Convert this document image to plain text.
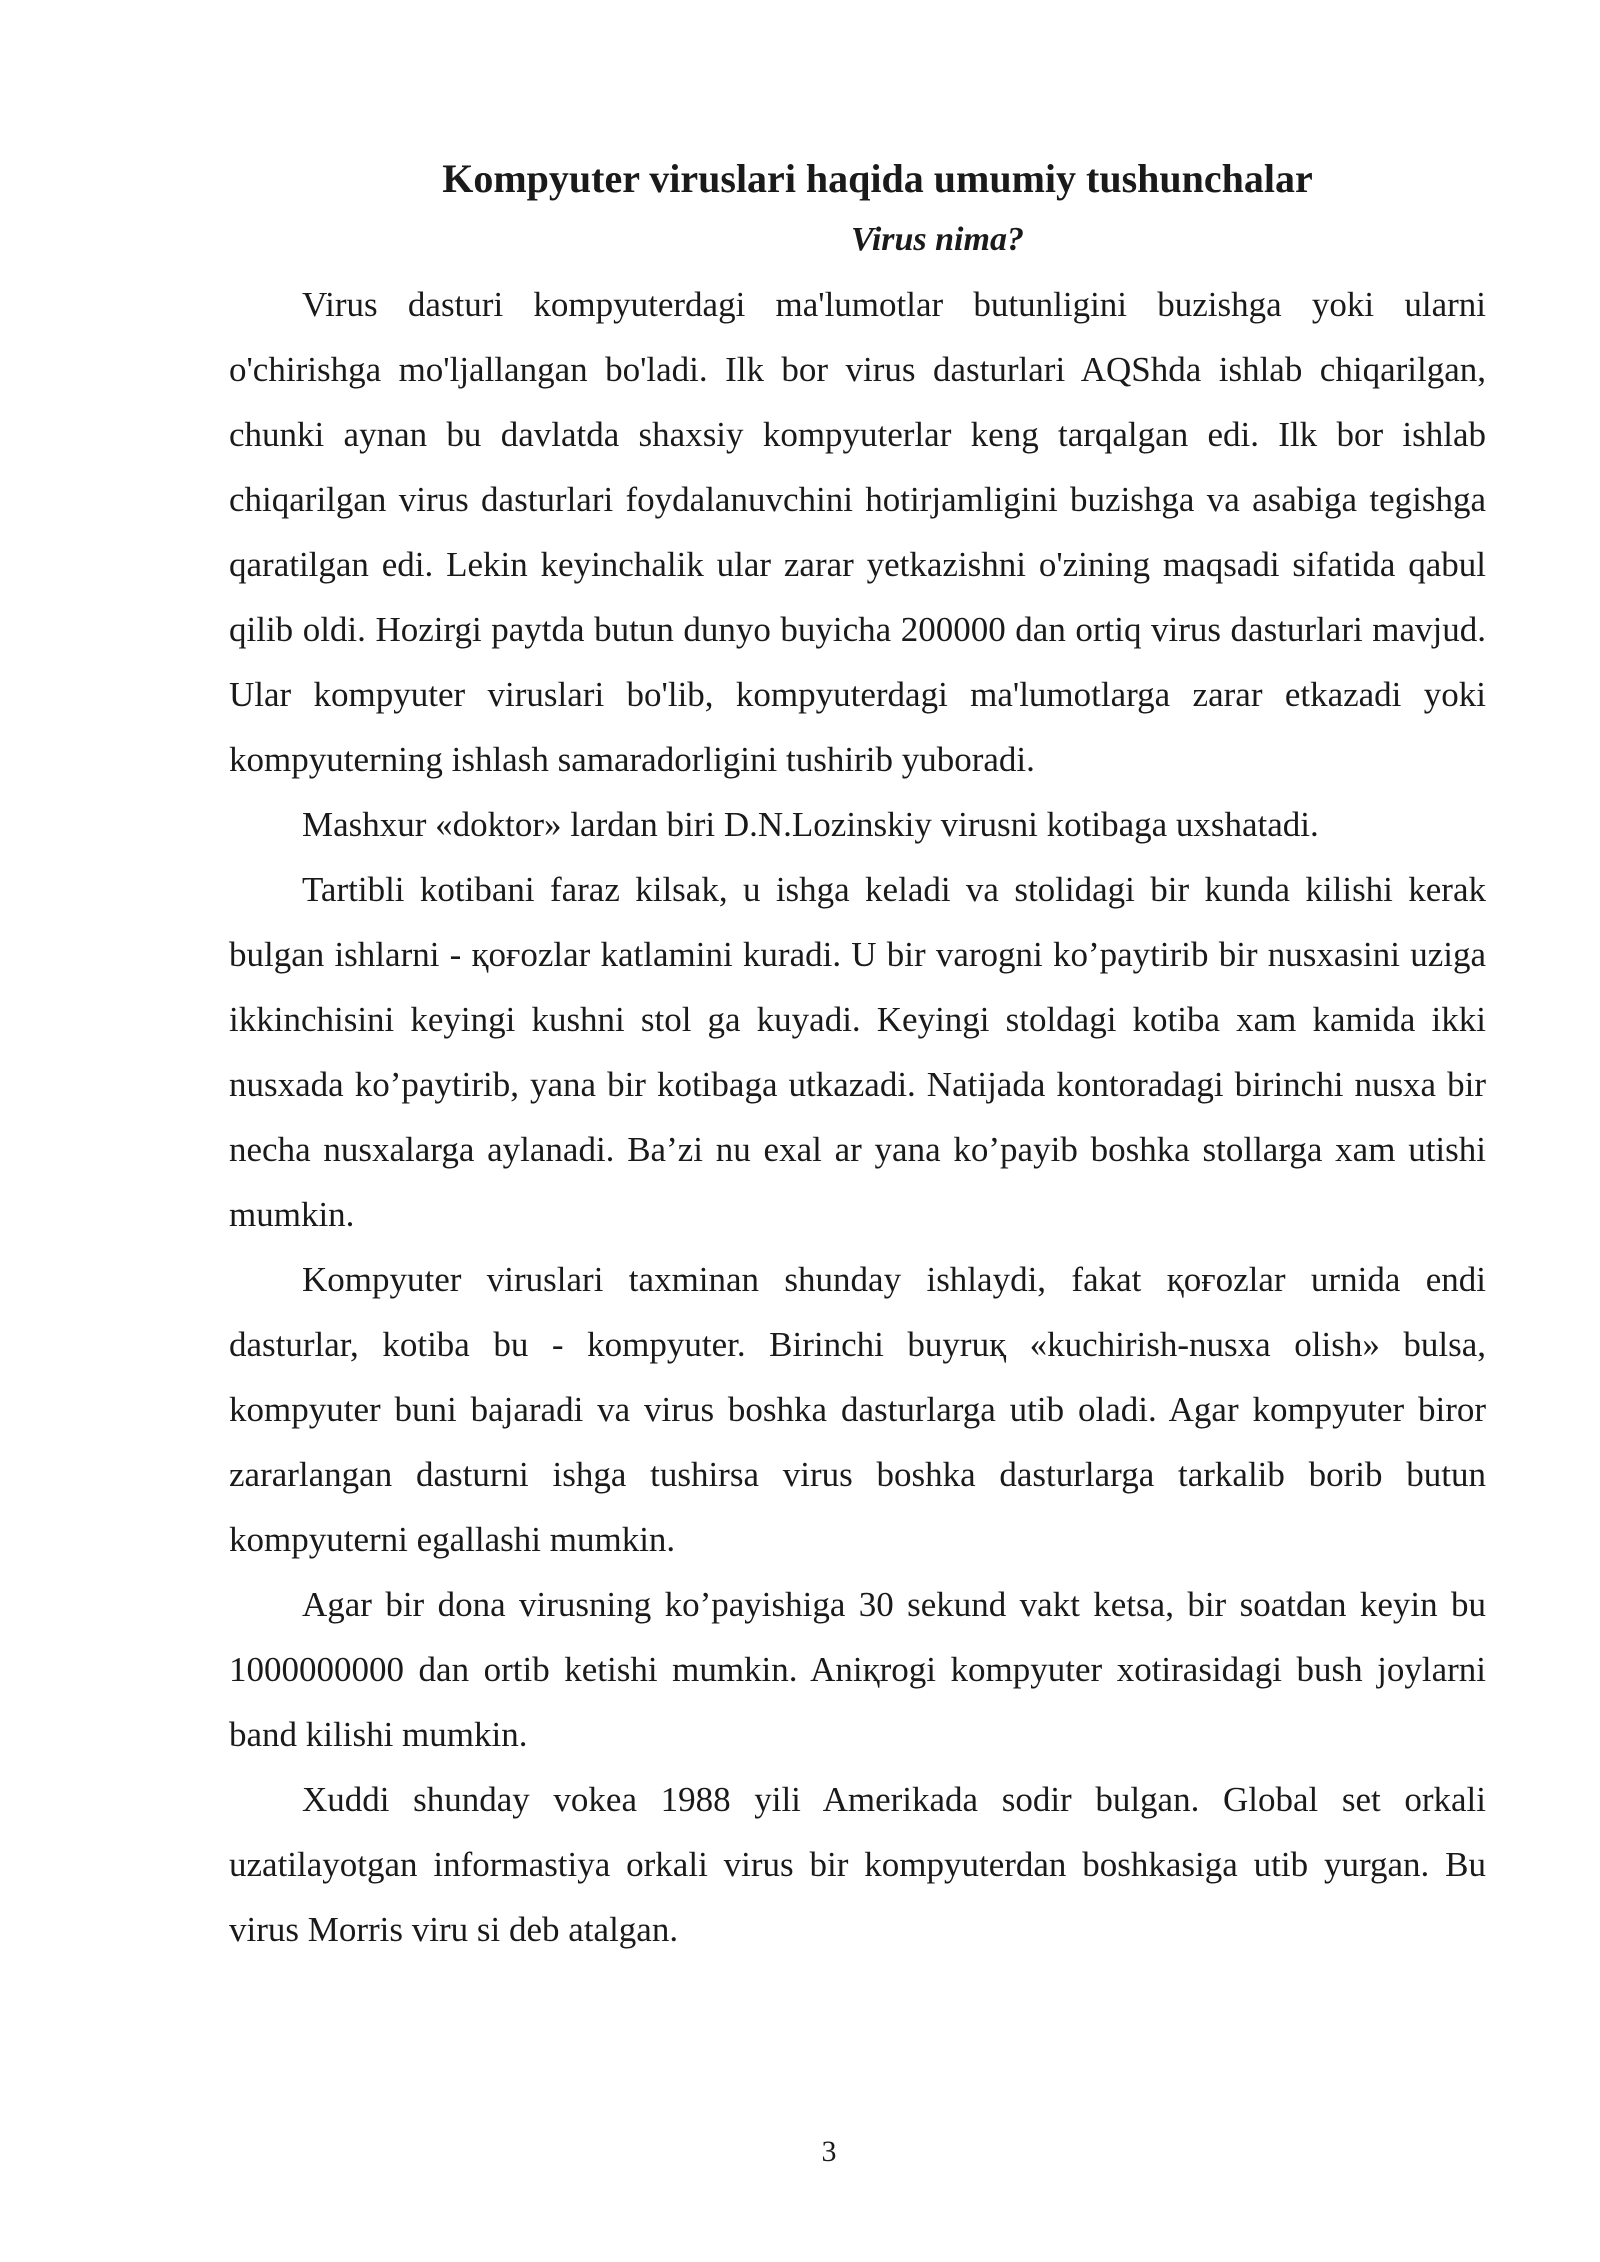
Kompyuter viruslari haqida umumiy tushunchalar
Virus nima?

Virus dasturi kompyuterdagi ma'lumotlar butunligini buzishga yoki ularni o'chirishga mo'ljallangan bo'ladi. Ilk bor virus dasturlari AQShda ishlab chiqarilgan, chunki aynan bu davlatda shaxsiy kompyuterlar keng tarqalgan edi. Ilk bor ishlab chiqarilgan virus dasturlari foydalanuvchini hotirjamligini buzishga va asabiga tegishga qaratilgan edi. Lekin keyinchalik ular zarar yetkazishni o'zining maqsadi sifatida qabul qilib oldi. Hozirgi paytda butun dunyo buyicha 200000 dan ortiq virus dasturlari mavjud. Ular kompyuter viruslari bo'lib, kompyuterdagi ma'lumotlarga zarar etkazadi yoki kompyuterning ishlash samaradorligini tushirib yuboradi.

Mashxur «doktor» lardan biri D.N.Lozinskiy virusni kotibaga uxshatadi.

Tartibli kotibani faraz kilsak, u ishga keladi va stolidagi bir kunda kilishi kerak bulgan ishlarni - қоғozlar katlamini kuradi. U bir varogni ko’paytirib bir nusxasini uziga ikkinchisini keyingi kushni stol ga kuyadi. Keyingi stoldagi kotiba xam kamida ikki nusxada ko’paytirib, yana bir kotibaga utkazadi. Natijada kontoradagi birinchi nusxa bir necha nusxalarga aylanadi. Ba’zi nu exal ar yana ko’payib boshka stollarga xam utishi mumkin.

Kompyuter viruslari taxminan shunday ishlaydi, fakat қоғozlar urnida endi dasturlar, kotiba bu - kompyuter. Birinchi buyruқ «kuchirish-nusxa olish» bulsa, kompyuter buni bajaradi va virus boshka dasturlarga utib oladi. Agar kompyuter biror zararlangan dasturni ishga tushirsa virus boshka dasturlarga tarkalib borib butun kompyuterni egallashi mumkin.

Agar bir dona virusning ko’payishiga 30 sekund vakt ketsa, bir soatdan keyin bu 1000000000 dan ortib ketishi mumkin. Aniқrogi kompyuter xotirasidagi bush joylarni band kilishi mumkin.

Xuddi shunday vokea 1988 yili Amerikada sodir bulgan. Global set orkali uzatilayotgan informastiya orkali virus bir kompyuterdan boshkasiga utib yurgan. Bu virus Morris viru si deb atalgan.

3
